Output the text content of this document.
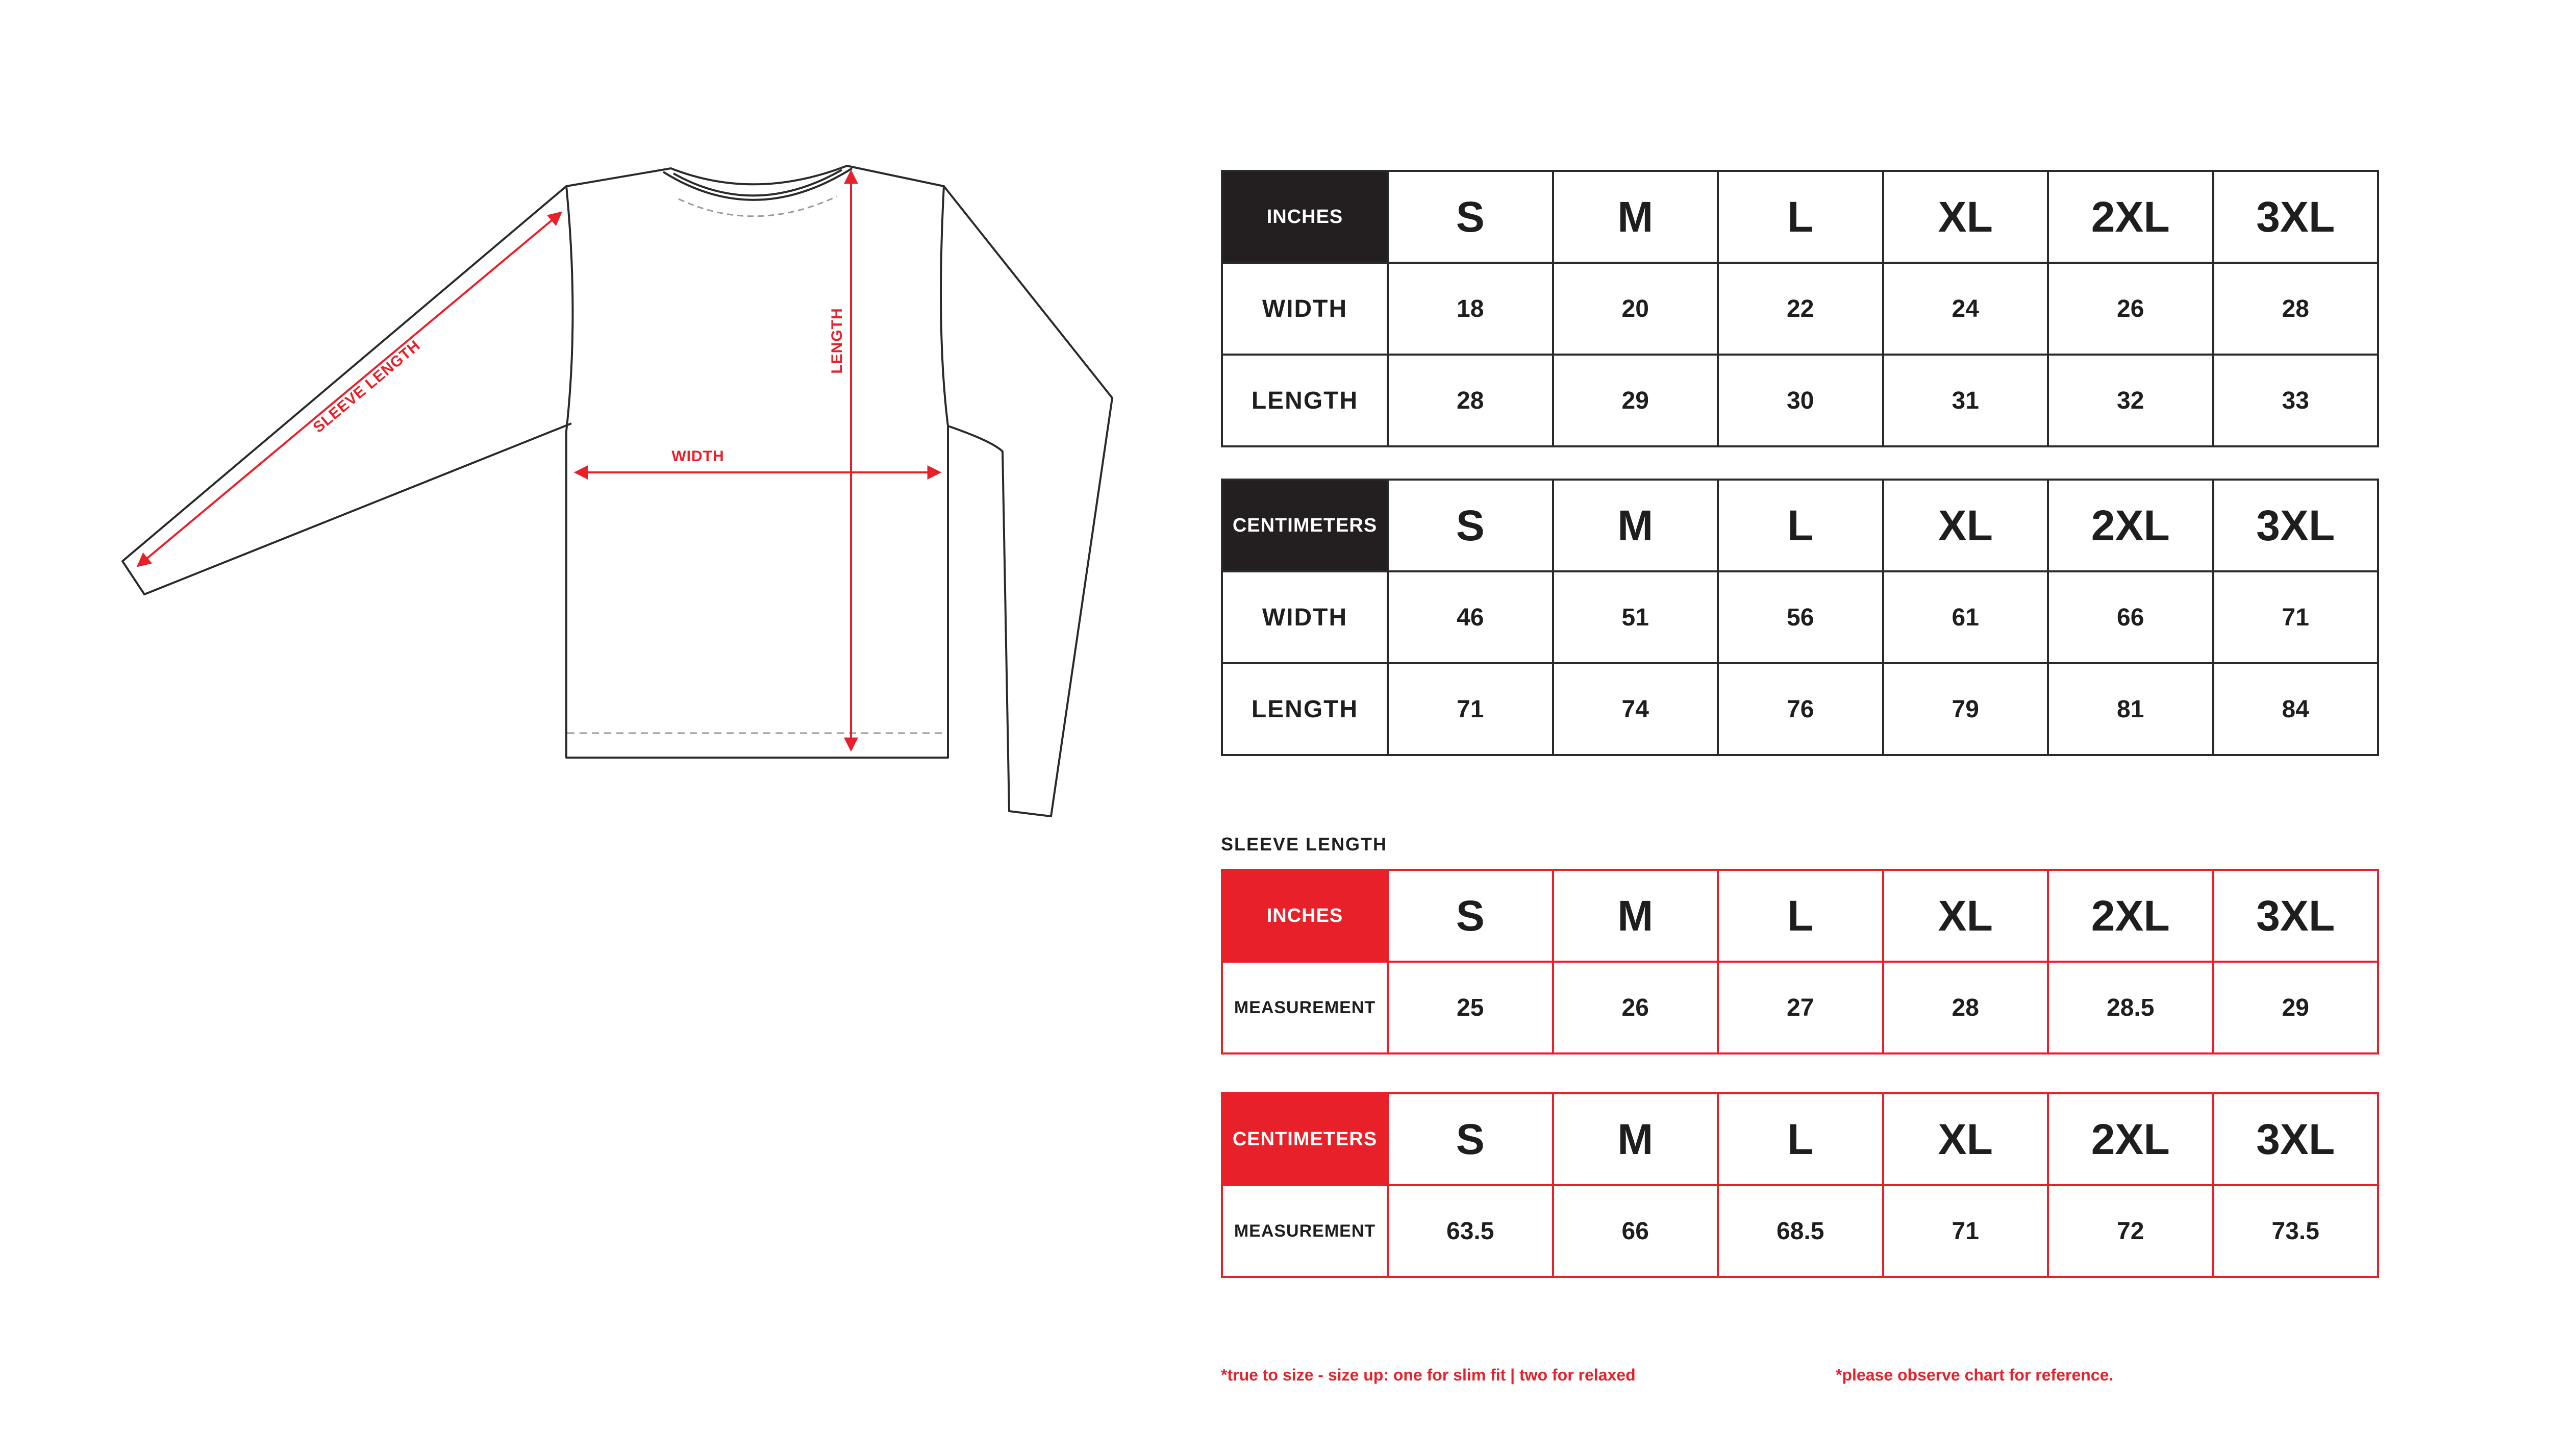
SLEEVE LENGTH
WIDTH
LENGTH
INCHES	S	M	L	XL	2XL	3XL
WIDTH	18	20	22	24	26	28
LENGTH	28	29	30	31	32	33
CENTIMETERS	S	M	L	XL	2XL	3XL
WIDTH	46	51	56	61	66	71
LENGTH	71	74	76	79	81	84
SLEEVE LENGTH
INCHES	S	M	L	XL	2XL	3XL
MEASUREMENT	25	26	27	28	28.5	29
CENTIMETERS	S	M	L	XL	2XL	3XL
MEASUREMENT	63.5	66	68.5	71	72	73.5
*true to size - size up: one for slim fit | two for relaxed	*please observe chart for reference.
